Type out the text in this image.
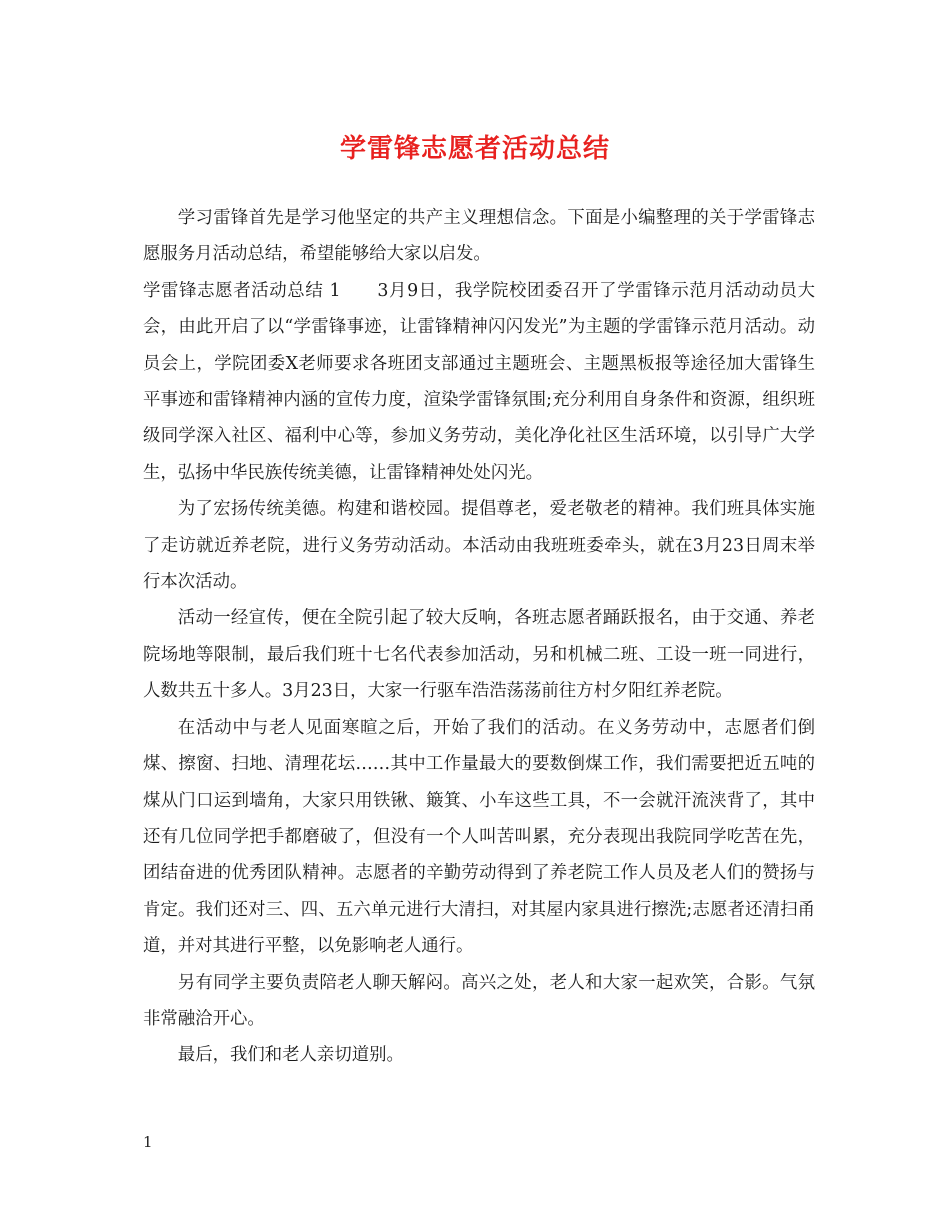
学雷锋志愿者活动总结

学习雷锋首先是学习他坚定的共产主义理想信念。下面是小编整理的关于学雷锋志愿服务月活动总结，希望能够给大家以启发。

学雷锋志愿者活动总结 1　　3月9日，我学院校团委召开了学雷锋示范月活动动员大会，由此开启了以“学雷锋事迹，让雷锋精神闪闪发光”为主题的学雷锋示范月活动。动员会上，学院团委X老师要求各班团支部通过主题班会、主题黑板报等途径加大雷锋生平事迹和雷锋精神内涵的宣传力度，渲染学雷锋氛围;充分利用自身条件和资源，组织班级同学深入社区、福利中心等，参加义务劳动，美化净化社区生活环境，以引导广大学生，弘扬中华民族传统美德，让雷锋精神处处闪光。

为了宏扬传统美德。构建和谐校园。提倡尊老，爱老敬老的精神。我们班具体实施了走访就近养老院，进行义务劳动活动。本活动由我班班委牵头，就在3月23日周末举行本次活动。

活动一经宣传，便在全院引起了较大反响，各班志愿者踊跃报名，由于交通、养老院场地等限制，最后我们班十七名代表参加活动，另和机械二班、工设一班一同进行，人数共五十多人。3月23日，大家一行驱车浩浩荡荡前往方村夕阳红养老院。

在活动中与老人见面寒暄之后，开始了我们的活动。在义务劳动中，志愿者们倒煤、擦窗、扫地、清理花坛……其中工作量最大的要数倒煤工作，我们需要把近五吨的煤从门口运到墙角，大家只用铁锹、簸箕、小车这些工具，不一会就汗流浃背了，其中还有几位同学把手都磨破了，但没有一个人叫苦叫累，充分表现出我院同学吃苦在先，团结奋进的优秀团队精神。志愿者的辛勤劳动得到了养老院工作人员及老人们的赞扬与肯定。我们还对三、四、五六单元进行大清扫，对其屋内家具进行擦洗;志愿者还清扫甬道，并对其进行平整，以免影响老人通行。

另有同学主要负责陪老人聊天解闷。高兴之处，老人和大家一起欢笑，合影。气氛非常融洽开心。

最后，我们和老人亲切道别。

1
